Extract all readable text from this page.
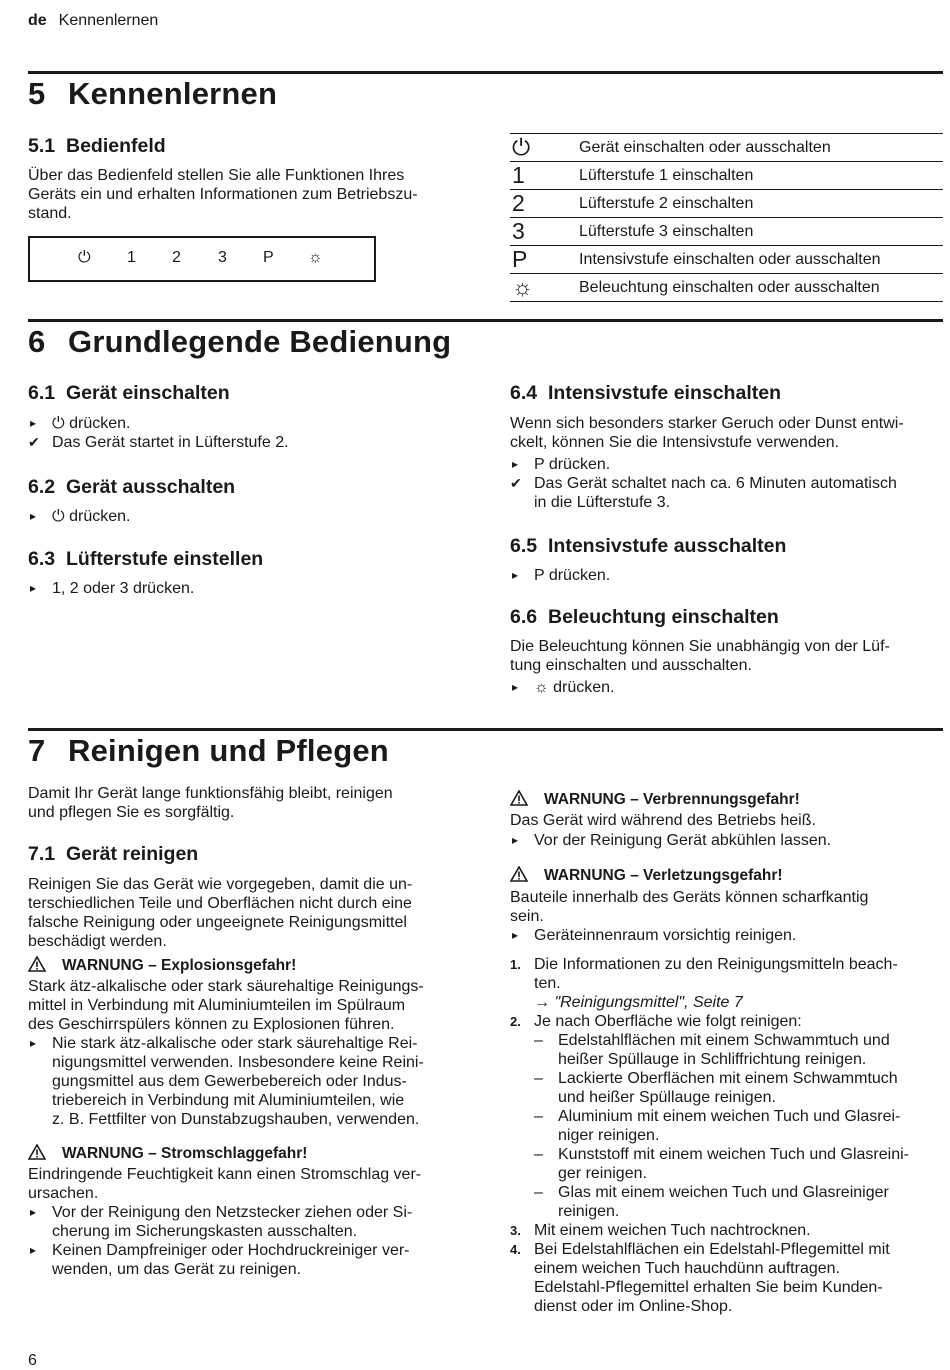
de Kennenlernen
5 Kennenlernen
5.1 Bedienfeld
Über das Bedienfeld stellen Sie alle Funktionen Ihres
Geräts ein und erhalten Informationen zum Betriebszu-
stand.
⏻ 1 2 3 P ☼
⏻	Gerät einschalten oder ausschalten
1	Lüfterstufe 1 einschalten
2	Lüfterstufe 2 einschalten
3	Lüfterstufe 3 einschalten
P	Intensivstufe einschalten oder ausschalten
☼	Beleuchtung einschalten oder ausschalten
6 Grundlegende Bedienung
6.1 Gerät einschalten
▸ ⏻ drücken.
✔ Das Gerät startet in Lüfterstufe 2.
6.2 Gerät ausschalten
▸ ⏻ drücken.
6.3 Lüfterstufe einstellen
▸ 1, 2 oder 3 drücken.
6.4 Intensivstufe einschalten
Wenn sich besonders starker Geruch oder Dunst entwi-
ckelt, können Sie die Intensivstufe verwenden.
▸ P drücken.
✔ Das Gerät schaltet nach ca. 6 Minuten automatisch
in die Lüfterstufe 3.
6.5 Intensivstufe ausschalten
▸ P drücken.
6.6 Beleuchtung einschalten
Die Beleuchtung können Sie unabhängig von der Lüf-
tung einschalten und ausschalten.
▸ ☼ drücken.
7 Reinigen und Pflegen
Damit Ihr Gerät lange funktionsfähig bleibt, reinigen
und pflegen Sie es sorgfältig.
7.1 Gerät reinigen
Reinigen Sie das Gerät wie vorgegeben, damit die un-
terschiedlichen Teile und Oberflächen nicht durch eine
falsche Reinigung oder ungeeignete Reinigungsmittel
beschädigt werden.
WARNUNG – Explosionsgefahr!
Stark ätz-alkalische oder stark säurehaltige Reinigungs-
mittel in Verbindung mit Aluminiumteilen im Spülraum
des Geschirrspülers können zu Explosionen führen.
▸ Nie stark ätz-alkalische oder stark säurehaltige Rei-
nigungsmittel verwenden. Insbesondere keine Reini-
gungsmittel aus dem Gewerbebereich oder Indus-
triebereich in Verbindung mit Aluminiumteilen, wie
z. B. Fettfilter von Dunstabzugshauben, verwenden.
WARNUNG – Stromschlaggefahr!
Eindringende Feuchtigkeit kann einen Stromschlag ver-
ursachen.
▸ Vor der Reinigung den Netzstecker ziehen oder Si-
cherung im Sicherungskasten ausschalten.
▸ Keinen Dampfreiniger oder Hochdruckreiniger ver-
wenden, um das Gerät zu reinigen.
WARNUNG – Verbrennungsgefahr!
Das Gerät wird während des Betriebs heiß.
▸ Vor der Reinigung Gerät abkühlen lassen.
WARNUNG – Verletzungsgefahr!
Bauteile innerhalb des Geräts können scharfkantig
sein.
▸ Geräteinnenraum vorsichtig reinigen.
1. Die Informationen zu den Reinigungsmitteln beach-
ten.
→ "Reinigungsmittel", Seite 7
2. Je nach Oberfläche wie folgt reinigen:
– Edelstahlflächen mit einem Schwammtuch und
heißer Spüllauge in Schliffrichtung reinigen.
– Lackierte Oberflächen mit einem Schwammtuch
und heißer Spüllauge reinigen.
– Aluminium mit einem weichen Tuch und Glasrei-
niger reinigen.
– Kunststoff mit einem weichen Tuch und Glasreini-
ger reinigen.
– Glas mit einem weichen Tuch und Glasreiniger
reinigen.
3. Mit einem weichen Tuch nachtrocknen.
4. Bei Edelstahlflächen ein Edelstahl-Pflegemittel mit
einem weichen Tuch hauchdünn auftragen.
Edelstahl-Pflegemittel erhalten Sie beim Kunden-
dienst oder im Online-Shop.
6
